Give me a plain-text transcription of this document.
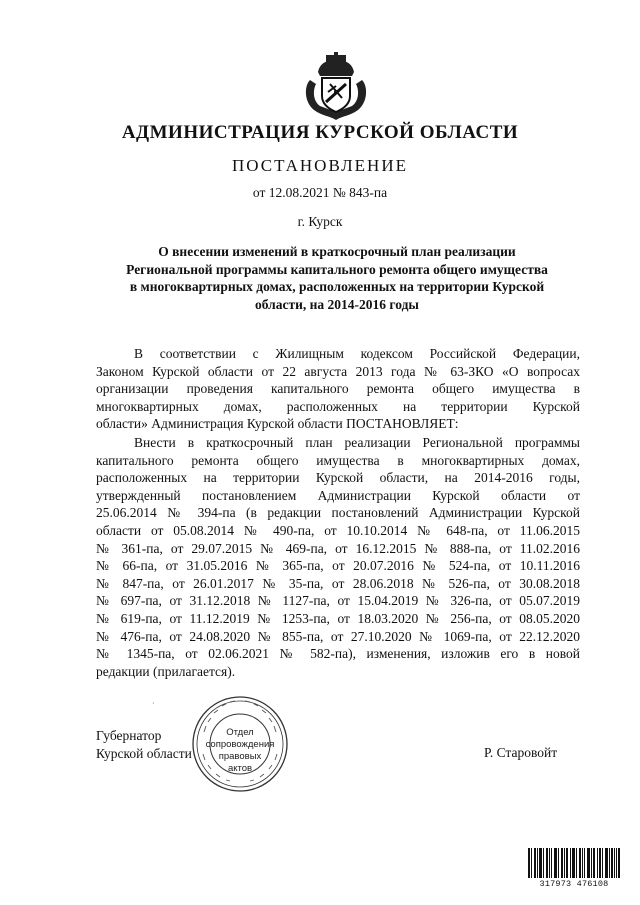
АДМИНИСТРАЦИЯ КУРСКОЙ ОБЛАСТИ
ПОСТАНОВЛЕНИЕ
от 12.08.2021 № 843-па
г. Курск
О внесении изменений в краткосрочный план реализации
Региональной программы капитального ремонта общего имущества
в многоквартирных домах, расположенных на территории Курской
области, на 2014-2016 годы
В соответствии с Жилищным кодексом Российской Федерации,
Законом Курской области от 22 августа 2013 года № 63-ЗКО «О вопросах
организации проведения капитального ремонта общего имущества в
многоквартирных домах, расположенных на территории Курской
области» Администрация Курской области ПОСТАНОВЛЯЕТ:
Внести в краткосрочный план реализации Региональной программы
капитального ремонта общего имущества в многоквартирных домах,
расположенных на территории Курской области, на 2014-2016 годы,
утвержденный постановлением Администрации Курской области от
25.06.2014 № 394-па (в редакции постановлений Администрации Курской
области от 05.08.2014 № 490-па, от 10.10.2014 № 648-па, от 11.06.2015
№ 361-па, от 29.07.2015 № 469-па, от 16.12.2015 № 888-па, от 11.02.2016
№ 66-па, от 31.05.2016 № 365-па, от 20.07.2016 № 524-па, от 10.11.2016
№ 847-па, от 26.01.2017 № 35-па, от 28.06.2018 № 526-па, от 30.08.2018
№ 697-па, от 31.12.2018 № 1127-па, от 15.04.2019 № 326-па, от 05.07.2019
№ 619-па, от 11.12.2019 № 1253-па, от 18.03.2020 № 256-па, от 08.05.2020
№ 476-па, от 24.08.2020 № 855-па, от 27.10.2020 № 1069-па, от 22.12.2020
№ 1345-па, от 02.06.2021 № 582-па), изменения, изложив его в новой
редакции (прилагается).
·
Губернатор
Курской области	Р. Старовойт
Отдел
сопровождения
правовых
актов
317973 476108
